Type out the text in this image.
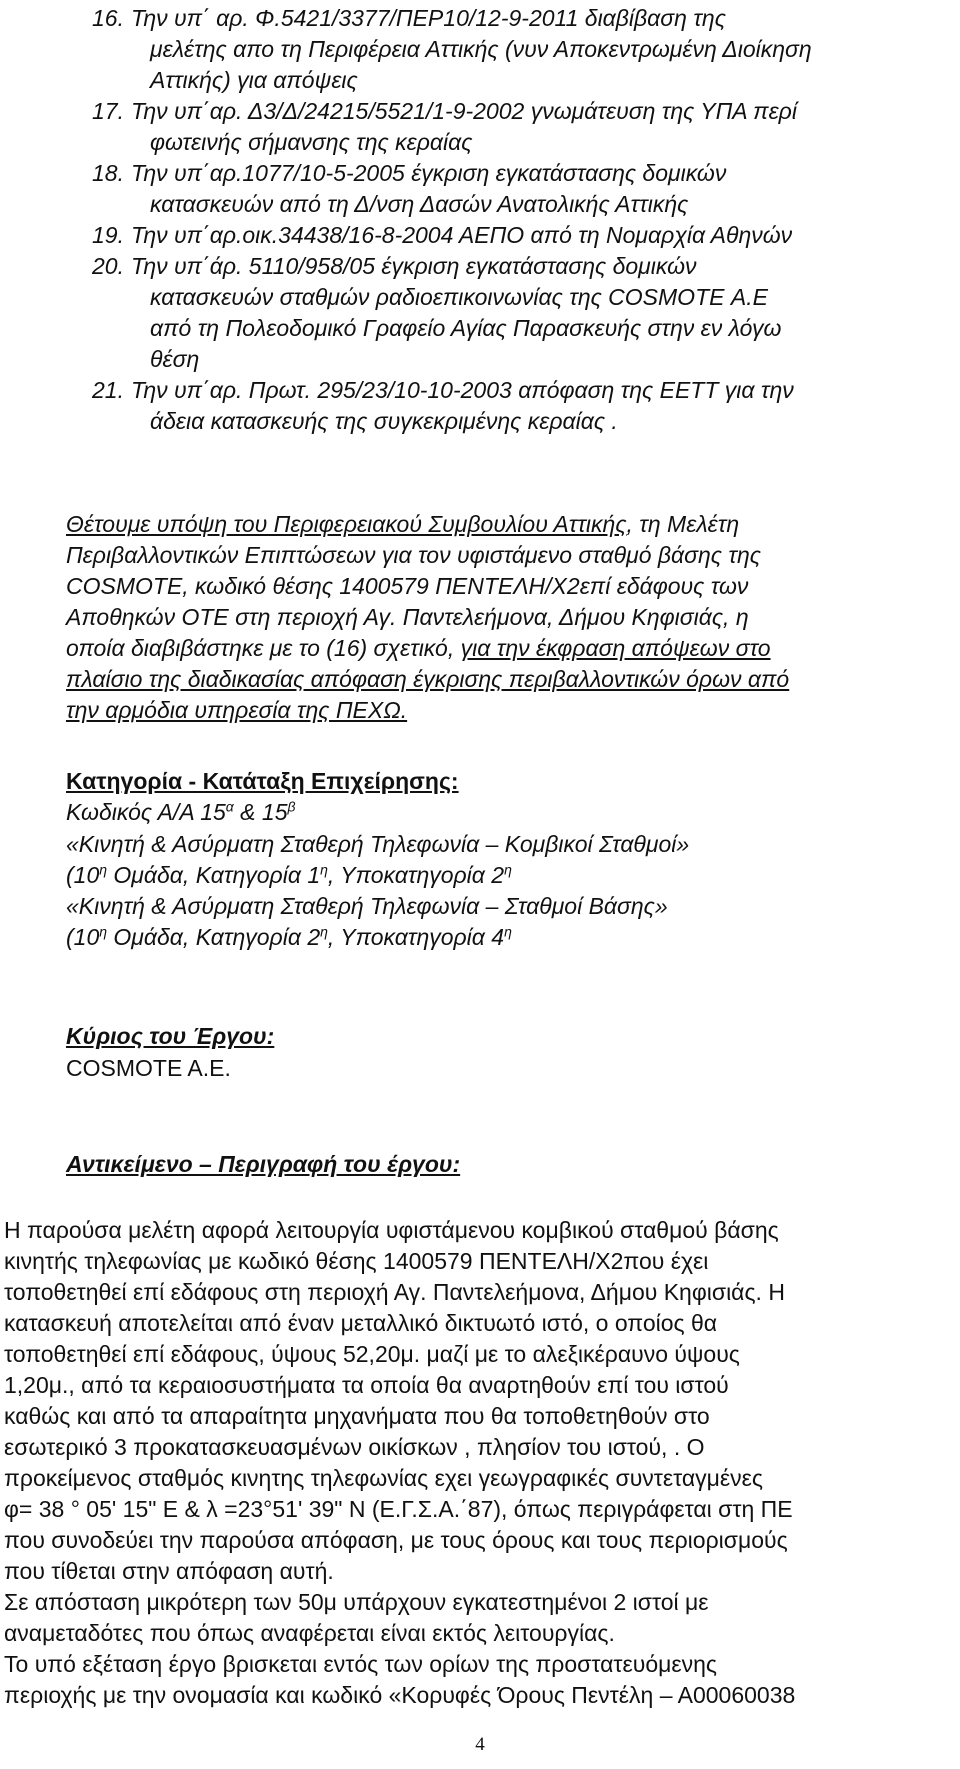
16. Την υπ΄ αρ. Φ.5421/3377/ΠΕΡ10/12-9-2011 διαβίβαση της
μελέτης απο τη Περιφέρεια Αττικής (νυν Αποκεντρωμένη Διοίκηση
Αττικής) για απόψεις
17. Την υπ΄αρ. Δ3/Δ/24215/5521/1-9-2002 γνωμάτευση της ΥΠΑ περί
φωτεινής σήμανσης της κεραίας
18. Την υπ΄αρ.1077/10-5-2005 έγκριση εγκατάστασης δομικών
κατασκευών από τη Δ/νση Δασών Ανατολικής Αττικής
19. Την υπ΄αρ.οικ.34438/16-8-2004 ΑΕΠΟ από τη Νομαρχία Αθηνών
20. Την υπ΄άρ. 5110/958/05 έγκριση εγκατάστασης δομικών
κατασκευών σταθμών ραδιοεπικοινωνίας της COSMOTE Α.Ε
από τη Πολεοδομικό Γραφείο Αγίας Παρασκευής στην εν λόγω
θέση
21. Την υπ΄αρ. Πρωτ. 295/23/10-10-2003 απόφαση της ΕΕΤΤ για την
άδεια κατασκευής της συγκεκριμένης κεραίας .
Θέτουμε υπόψη του Περιφερειακού Συμβουλίου Αττικής, τη Μελέτη
Περιβαλλοντικών Επιπτώσεων για τον υφιστάμενο σταθμό βάσης της
COSMOTE, κωδικό θέσης 1400579 ΠΕΝΤΕΛΗ/Χ2επί εδάφους των
Αποθηκών ΟΤΕ στη περιοχή Αγ. Παντελεήμονα, Δήμου Κηφισιάς, η
οποία διαβιβάστηκε με το (16) σχετικό, για την έκφραση απόψεων στο
πλαίσιο της διαδικασίας απόφαση έγκρισης περιβαλλοντικών όρων από
την αρμόδια υπηρεσία της ΠΕΧΩ.
Κατηγορία - Κατάταξη Επιχείρησης:
Κωδικός Α/Α $15^\alpha$ & $15^\beta$
«Κινητή & Ασύρματη Σταθερή Τηλεφωνία – Κομβικοί Σταθμοί»
($10^\eta$ Ομάδα, Κατηγορία $1^\eta$, Υποκατηγορία $2^\eta$
«Κινητή & Ασύρματη Σταθερή Τηλεφωνία – Σταθμοί Βάσης»
($10^\eta$ Ομάδα, Κατηγορία $2^\eta$, Υποκατηγορία $4^\eta$
Κύριος του Έργου:
COSMOTE A.E.
Αντικείμενο – Περιγραφή του έργου:
Η παρούσα μελέτη αφορά λειτουργία υφιστάμενου κομβικού σταθμού βάσης
κινητής τηλεφωνίας με κωδικό θέσης 1400579 ΠΕΝΤΕΛΗ/Χ2που έχει
τοποθετηθεί επί εδάφους στη περιοχή Αγ. Παντελεήμονα, Δήμου Κηφισιάς. Η
κατασκευή αποτελείται από έναν μεταλλικό δικτυωτό ιστό, ο οποίος θα
τοποθετηθεί επί εδάφους, ύψους 52,20μ. μαζί με το αλεξικέραυνο ύψους
1,20μ., από τα κεραιοσυστήματα τα οποία θα αναρτηθούν επί του ιστού
καθώς και από τα απαραίτητα μηχανήματα που θα τοποθετηθούν στο
εσωτερικό 3 προκατασκευασμένων οικίσκων , πλησίον του ιστού, . Ο
προκείμενος σταθμός κινητης τηλεφωνίας εχει γεωγραφικές συντεταγμένες
φ= 38 ° 05' 15" Ε & λ =23°51' 39" Ν (Ε.Γ.Σ.Α.΄87), όπως περιγράφεται στη ΠΕ
που συνοδεύει την παρούσα απόφαση, με τους όρους και τους περιορισμούς
που τίθεται στην απόφαση αυτή.
Σε απόσταση μικρότερη των 50μ υπάρχουν εγκατεστημένοι 2 ιστοί με
αναμεταδότες που όπως αναφέρεται είναι εκτός λειτουργίας.
Το υπό εξέταση έργο βρισκεται εντός των ορίων της προστατευόμενης
περιοχής με την ονομασία και κωδικό «Κορυφές Όρους Πεντέλη – Α00060038
4
